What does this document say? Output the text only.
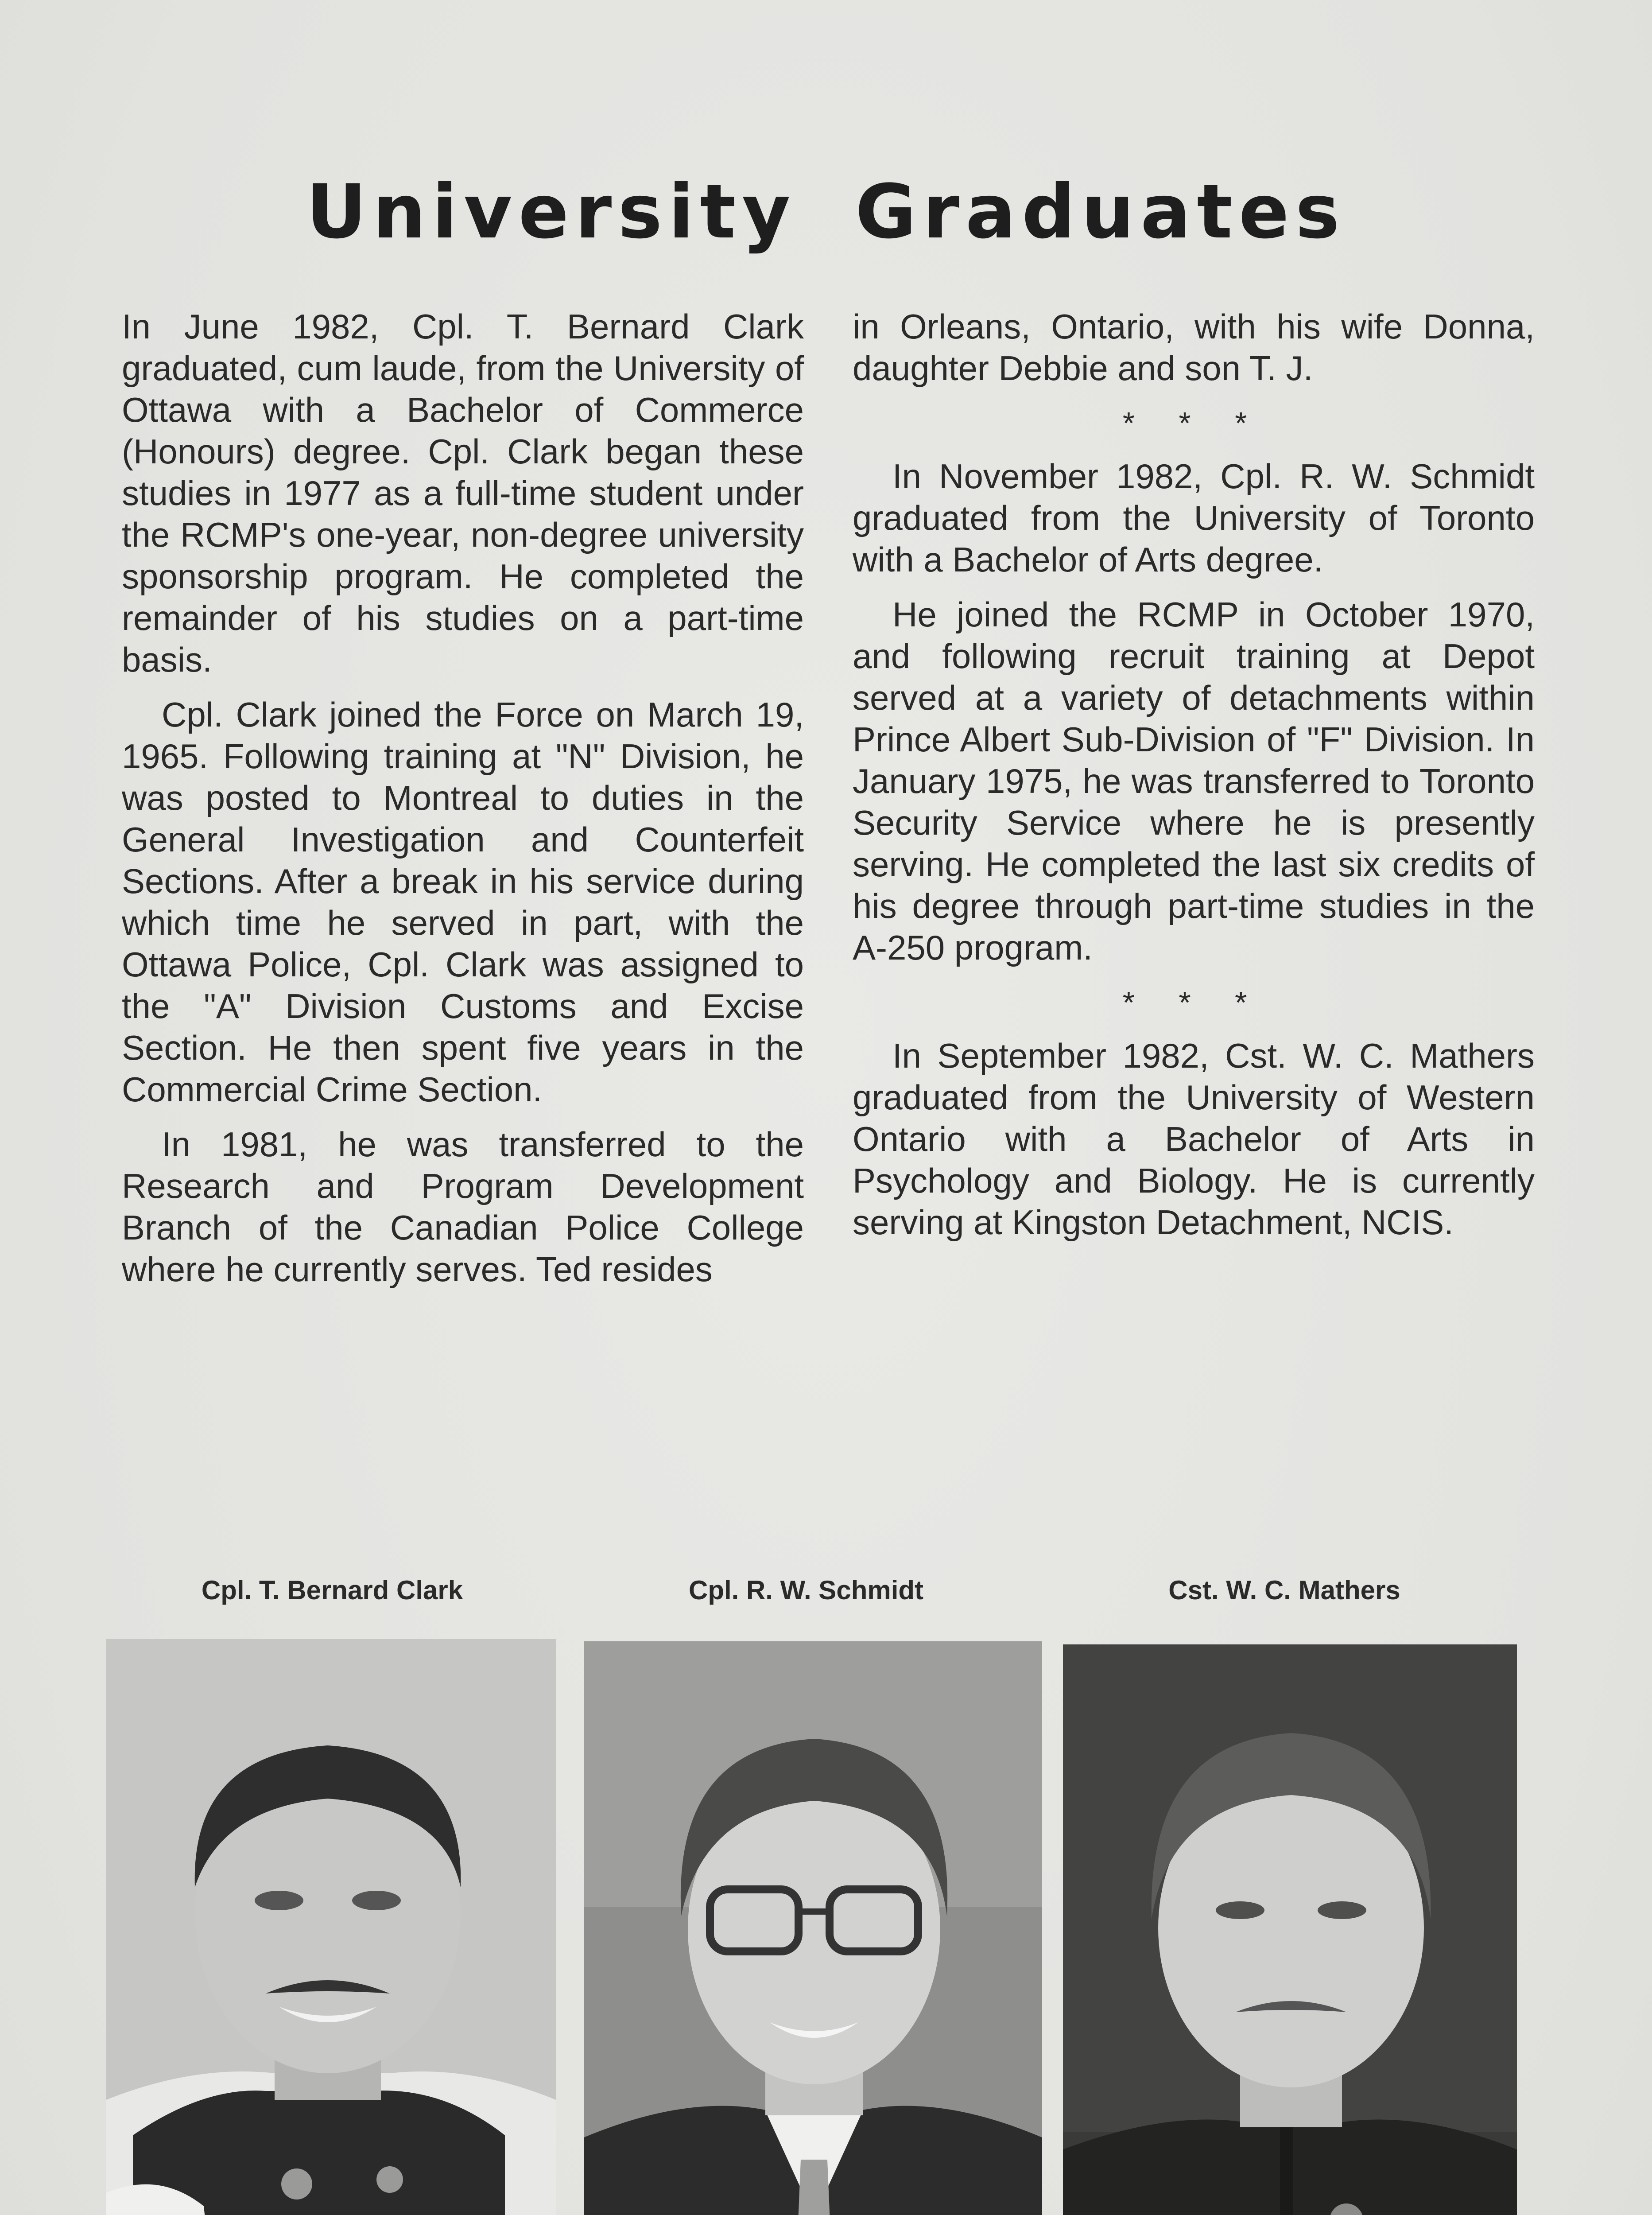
University Graduates

In June 1982, Cpl. T. Bernard Clark graduated, cum laude, from the University of Ottawa with a Bachelor of Commerce (Honours) degree. Cpl. Clark began these studies in 1977 as a full-time student under the RCMP's one-year, non-degree university sponsorship program. He completed the remainder of his studies on a part-time basis.

Cpl. Clark joined the Force on March 19, 1965. Following training at "N" Division, he was posted to Montreal to duties in the General Investigation and Counterfeit Sections. After a break in his service during which time he served in part, with the Ottawa Police, Cpl. Clark was assigned to the "A" Division Customs and Excise Section. He then spent five years in the Commercial Crime Section.

In 1981, he was transferred to the Research and Program Development Branch of the Canadian Police College where he currently serves. Ted resides

in Orleans, Ontario, with his wife Donna, daughter Debbie and son T. J.

* * *

In November 1982, Cpl. R. W. Schmidt graduated from the University of Toronto with a Bachelor of Arts degree.

He joined the RCMP in October 1970, and following recruit training at Depot served at a variety of detachments within Prince Albert Sub-Division of "F" Division. In January 1975, he was transferred to Toronto Security Service where he is presently serving. He completed the last six credits of his degree through part-time studies in the A-250 program.

* * *

In September 1982, Cst. W. C. Mathers graduated from the University of Western Ontario with a Bachelor of Arts in Psychology and Biology. He is currently serving at Kingston Detachment, NCIS.

Cpl. T. Bernard Clark	Cpl. R. W. Schmidt	Cst. W. C. Mathers
